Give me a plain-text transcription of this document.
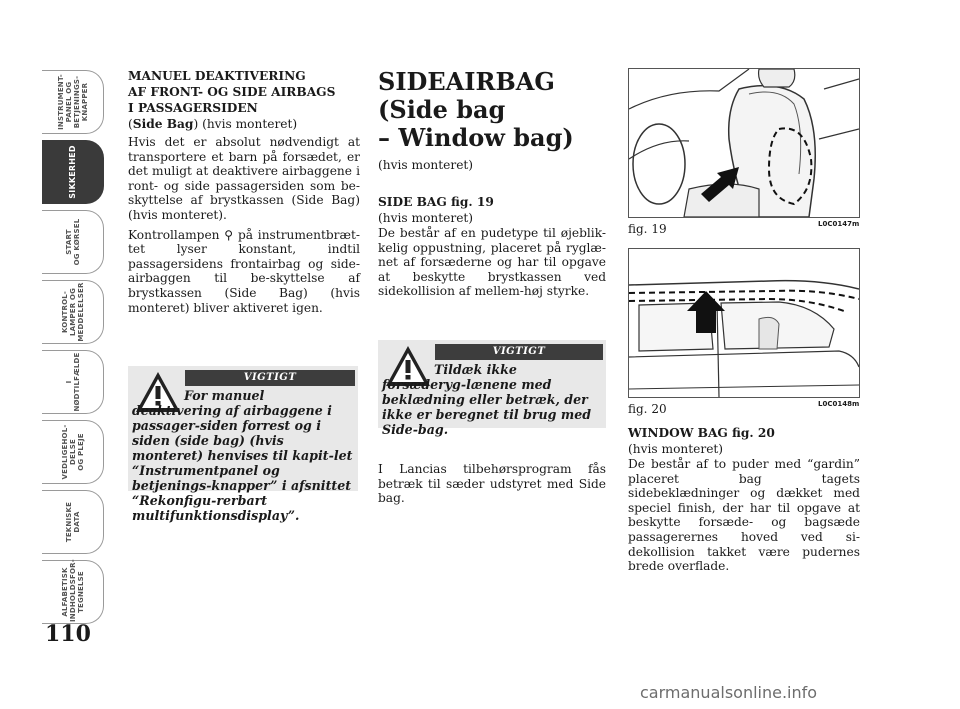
INSTRUMENT-
PANEL OG
BETJENINGS-
KNAPPER
SIKKERHED
START
OG KØRSEL
KONTROL-
LAMPER OG
MEDDELELSER
I
NØDTILFÆLDE
VEDLIGEHOL-
DELSE
OG PLEJE
TEKNISKE
DATA
ALFABETISK
INDHOLDSFOR-
TEGNELSE
110
MANUEL DEAKTIVERING
AF FRONT- OG SIDE AIRBAGS
I PASSAGERSIDEN
(Side Bag) (hvis monteret)

Hvis det er absolut nødvendigt at transportere et barn på forsædet, er det muligt at deaktivere airbaggene i ront- og side passagersiden som be-skyttelse af brystkassen (Side Bag) (hvis monteret).

Kontrollampen ⚲ på instrumentbræt-tet lyser konstant, indtil passagersidens frontairbag og side-airbaggen til be-skyttelse af brystkassen (Side Bag) (hvis monteret) bliver aktiveret igen.

VIGTIGT
For manuel deaktivering af airbaggene i passager-siden forrest og i siden (side bag) (hvis monteret) henvises til kapit-let “Instrumentpanel og betjenings-knapper” i afsnittet “Rekonfigu-rerbart multifunktionsdisplay”.
SIDEAIRBAG
(Side bag
– Window bag)
(hvis monteret)
SIDE BAG fig. 19
(hvis monteret)

De består af en pudetype til øjeblik-kelig oppustning, placeret på ryglæ-net af forsæderne og har til opgave at beskytte brystkassen ved sidekollision af mellem-høj styrke.

VIGTIGT
Tildæk ikke forsæderyg-lænene med beklædning eller betræk, der ikke er beregnet til brug med Side-bag.

I Lancias tilbehørsprogram fås betræk til sæder udstyret med Side bag.

fig. 19	L0C0147m
fig. 20	L0C0148m
WINDOW BAG fig. 20
(hvis monteret)

De består af to puder med “gardin” placeret bag tagets sidebeklædninger og dækket med speciel finish, der har til opgave at beskytte forsæde- og bagsæde passagerernes hoved ved si-dekollision takket være pudernes brede overflade.

carmanualsonline.info
